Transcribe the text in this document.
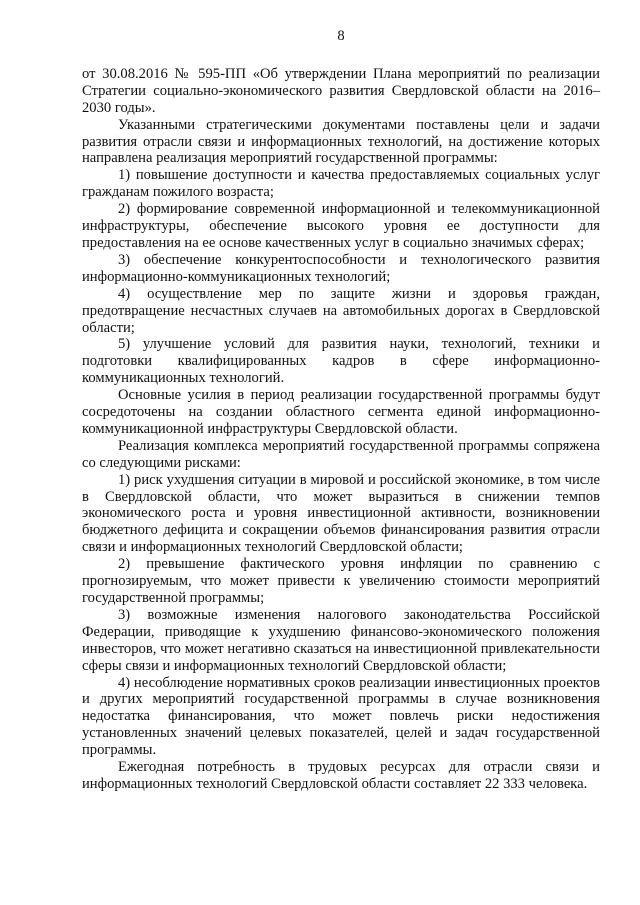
8

от 30.08.2016 № 595-ПП «Об утверждении Плана мероприятий по реализации Стратегии социально-экономического развития Свердловской области на 2016–2030 годы».

Указанными стратегическими документами поставлены цели и задачи развития отрасли связи и информационных технологий, на достижение которых направлена реализация мероприятий государственной программы:

1) повышение доступности и качества предоставляемых социальных услуг гражданам пожилого возраста;

2) формирование современной информационной и телекоммуникационной инфраструктуры, обеспечение высокого уровня ее доступности для предоставления на ее основе качественных услуг в социально значимых сферах;

3) обеспечение конкурентоспособности и технологического развития информационно-коммуникационных технологий;

4) осуществление мер по защите жизни и здоровья граждан, предотвращение несчастных случаев на автомобильных дорогах в Свердловской области;

5) улучшение условий для развития науки, технологий, техники и подготовки квалифицированных кадров в сфере информационно-коммуникационных технологий.

Основные усилия в период реализации государственной программы будут сосредоточены на создании областного сегмента единой информационно-коммуникационной инфраструктуры Свердловской области.

Реализация комплекса мероприятий государственной программы сопряжена со следующими рисками:

1) риск ухудшения ситуации в мировой и российской экономике, в том числе в Свердловской области, что может выразиться в снижении темпов экономического роста и уровня инвестиционной активности, возникновении бюджетного дефицита и сокращении объемов финансирования развития отрасли связи и информационных технологий Свердловской области;

2) превышение фактического уровня инфляции по сравнению с прогнозируемым, что может привести к увеличению стоимости мероприятий государственной программы;

3) возможные изменения налогового законодательства Российской Федерации, приводящие к ухудшению финансово-экономического положения инвесторов, что может негативно сказаться на инвестиционной привлекательности сферы связи и информационных технологий Свердловской области;

4) несоблюдение нормативных сроков реализации инвестиционных проектов и других мероприятий государственной программы в случае возникновения недостатка финансирования, что может повлечь риски недостижения установленных значений целевых показателей, целей и задач государственной программы.

Ежегодная потребность в трудовых ресурсах для отрасли связи и информационных технологий Свердловской области составляет 22 333 человека.
